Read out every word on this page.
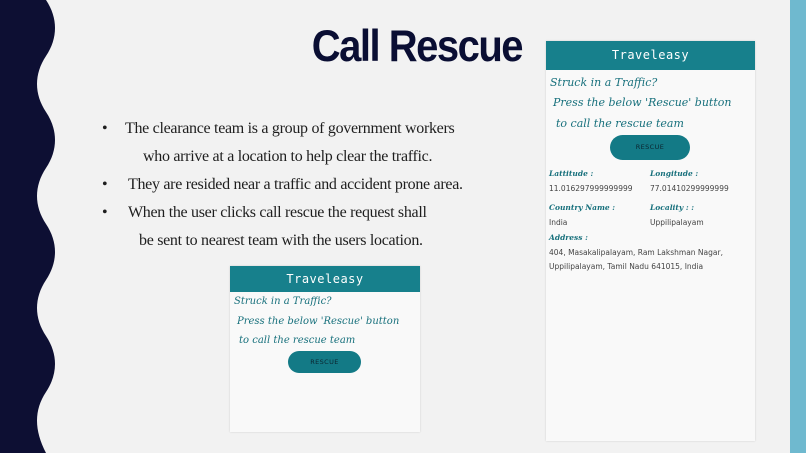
Call Rescue
• The clearance team is a group of government workers
who arrive at a location to help clear the traffic.
• They are resided near a traffic and accident prone area.
• When the user clicks call rescue the request shall
be sent to nearest team with the users location.
Traveleasy
Struck in a Traffic?
Press the below 'Rescue' button
to call the rescue team
RESCUE
Traveleasy
Struck in a Traffic?
Press the below 'Rescue' button
to call the rescue team
RESCUE
Lattitude :	Longitude :
11.016297999999999 77.01410299999999
Country Name :	Locality : :
India	Uppilipalayam
Address :
404, Masakalipalayam, Ram Lakshman Nagar,
Uppilipalayam, Tamil Nadu 641015, India
